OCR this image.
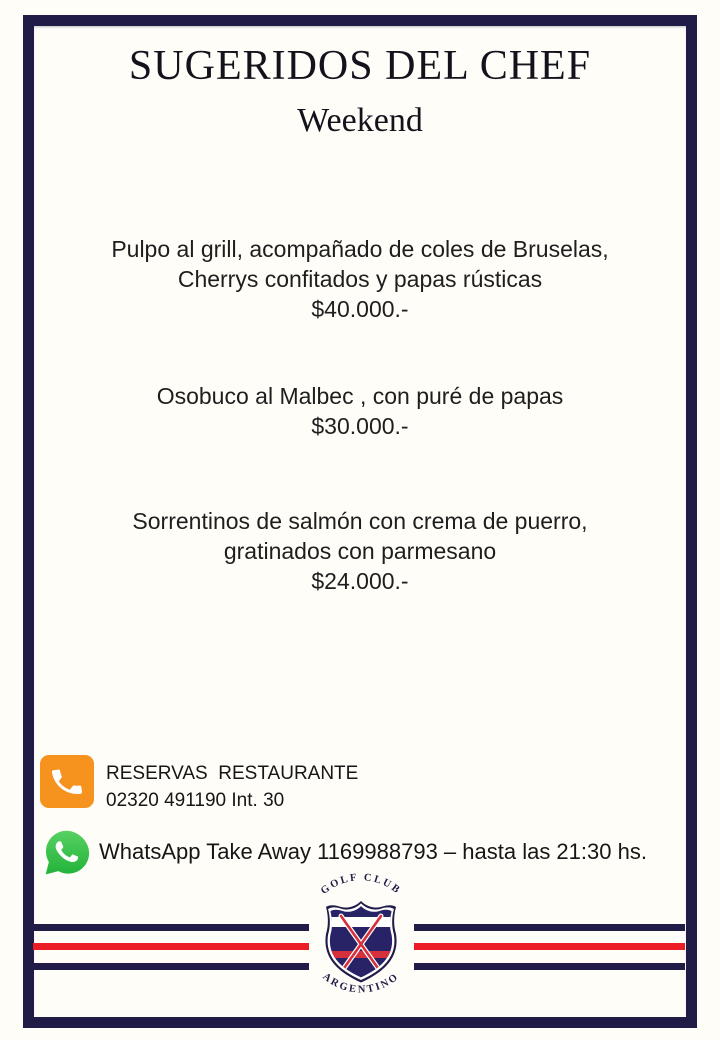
SUGERIDOS DEL CHEF
Weekend
Pulpo al grill, acompañado de coles de Bruselas,
Cherrys confitados y papas rústicas
$40.000.-
Osobuco al Malbec , con puré de papas
$30.000.-
Sorrentinos de salmón con crema de puerro,
gratinados con parmesano
$24.000.-
RESERVAS  RESTAURANTE
02320 491190 Int. 30
WhatsApp Take Away 1169988793 – hasta las 21:30 hs.
GOLF CLUB
ARGENTINO
